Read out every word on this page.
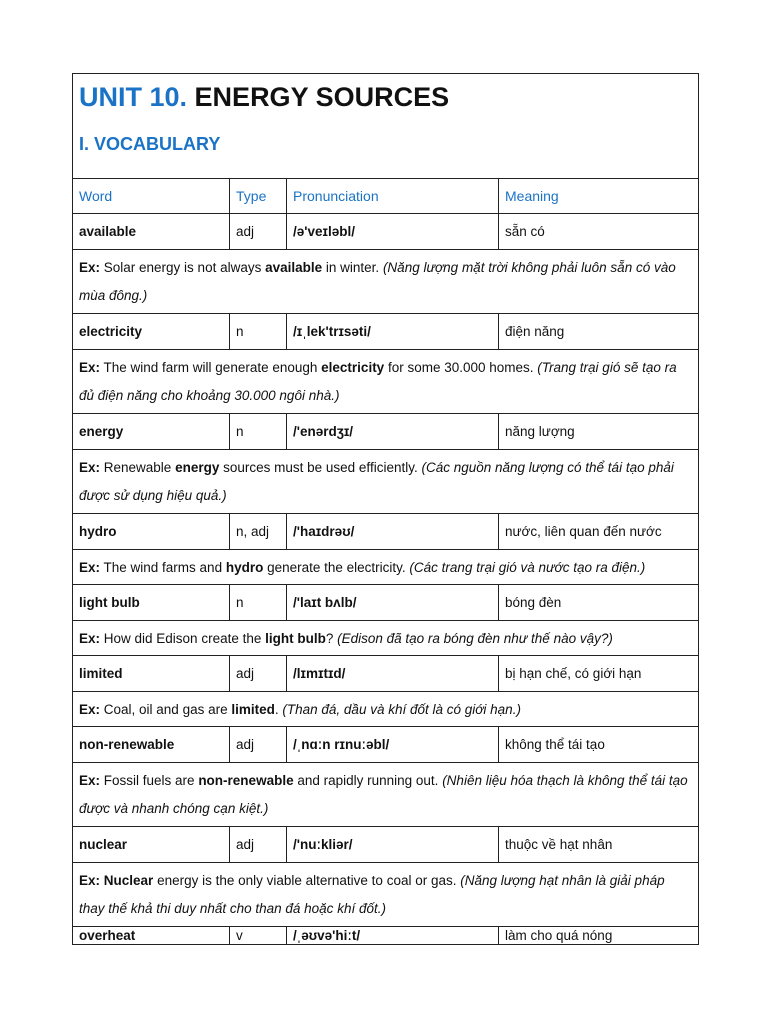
UNIT 10. ENERGY SOURCES
I. VOCABULARY			

Word	Type	Pronunciation	Meaning
available	adj	/ə'veɪləbl/	sẵn có
Ex: Solar energy is not always available in winter. (Năng lượng mặt trời không phải luôn sẵn có vào mùa đông.)			
electricity	n	/ɪˌlek'trɪsəti/	điện năng
Ex: The wind farm will generate enough electricity for some 30.000 homes. (Trang trại gió sẽ tạo ra đủ điện năng cho khoảng 30.000 ngôi nhà.)			
energy	n	/'enərdʒɪ/	năng lượng
Ex: Renewable energy sources must be used efficiently. (Các nguồn năng lượng có thể tái tạo phải được sử dụng hiệu quả.)			
hydro	n, adj	/'haɪdrəʊ/	nước, liên quan đến nước
Ex: The wind farms and hydro generate the electricity. (Các trang trại gió và nước tạo ra điện.)			
light bulb	n	/'laɪt bʌlb/	bóng đèn
Ex: How did Edison create the light bulb? (Edison đã tạo ra bóng đèn như thế nào vậy?)			
limited	adj	/lɪmɪtɪd/	bị hạn chế, có giới hạn
Ex: Coal, oil and gas are limited. (Than đá, dầu và khí đốt là có giới hạn.)			
non-renewable	adj	/ˌnɑːn rɪnuːəbl/	không thể tái tạo
Ex: Fossil fuels are non-renewable and rapidly running out. (Nhiên liệu hóa thạch là không thể tái tạo được và nhanh chóng cạn kiệt.)			
nuclear	adj	/'nuːkliər/	thuộc về hạt nhân
Ex: Nuclear energy is the only viable alternative to coal or gas. (Năng lượng hạt nhân là giải pháp thay thế khả thi duy nhất cho than đá hoặc khí đốt.)			
overheat	v	/ˌəʊvə'hiːt/	làm cho quá nóng
